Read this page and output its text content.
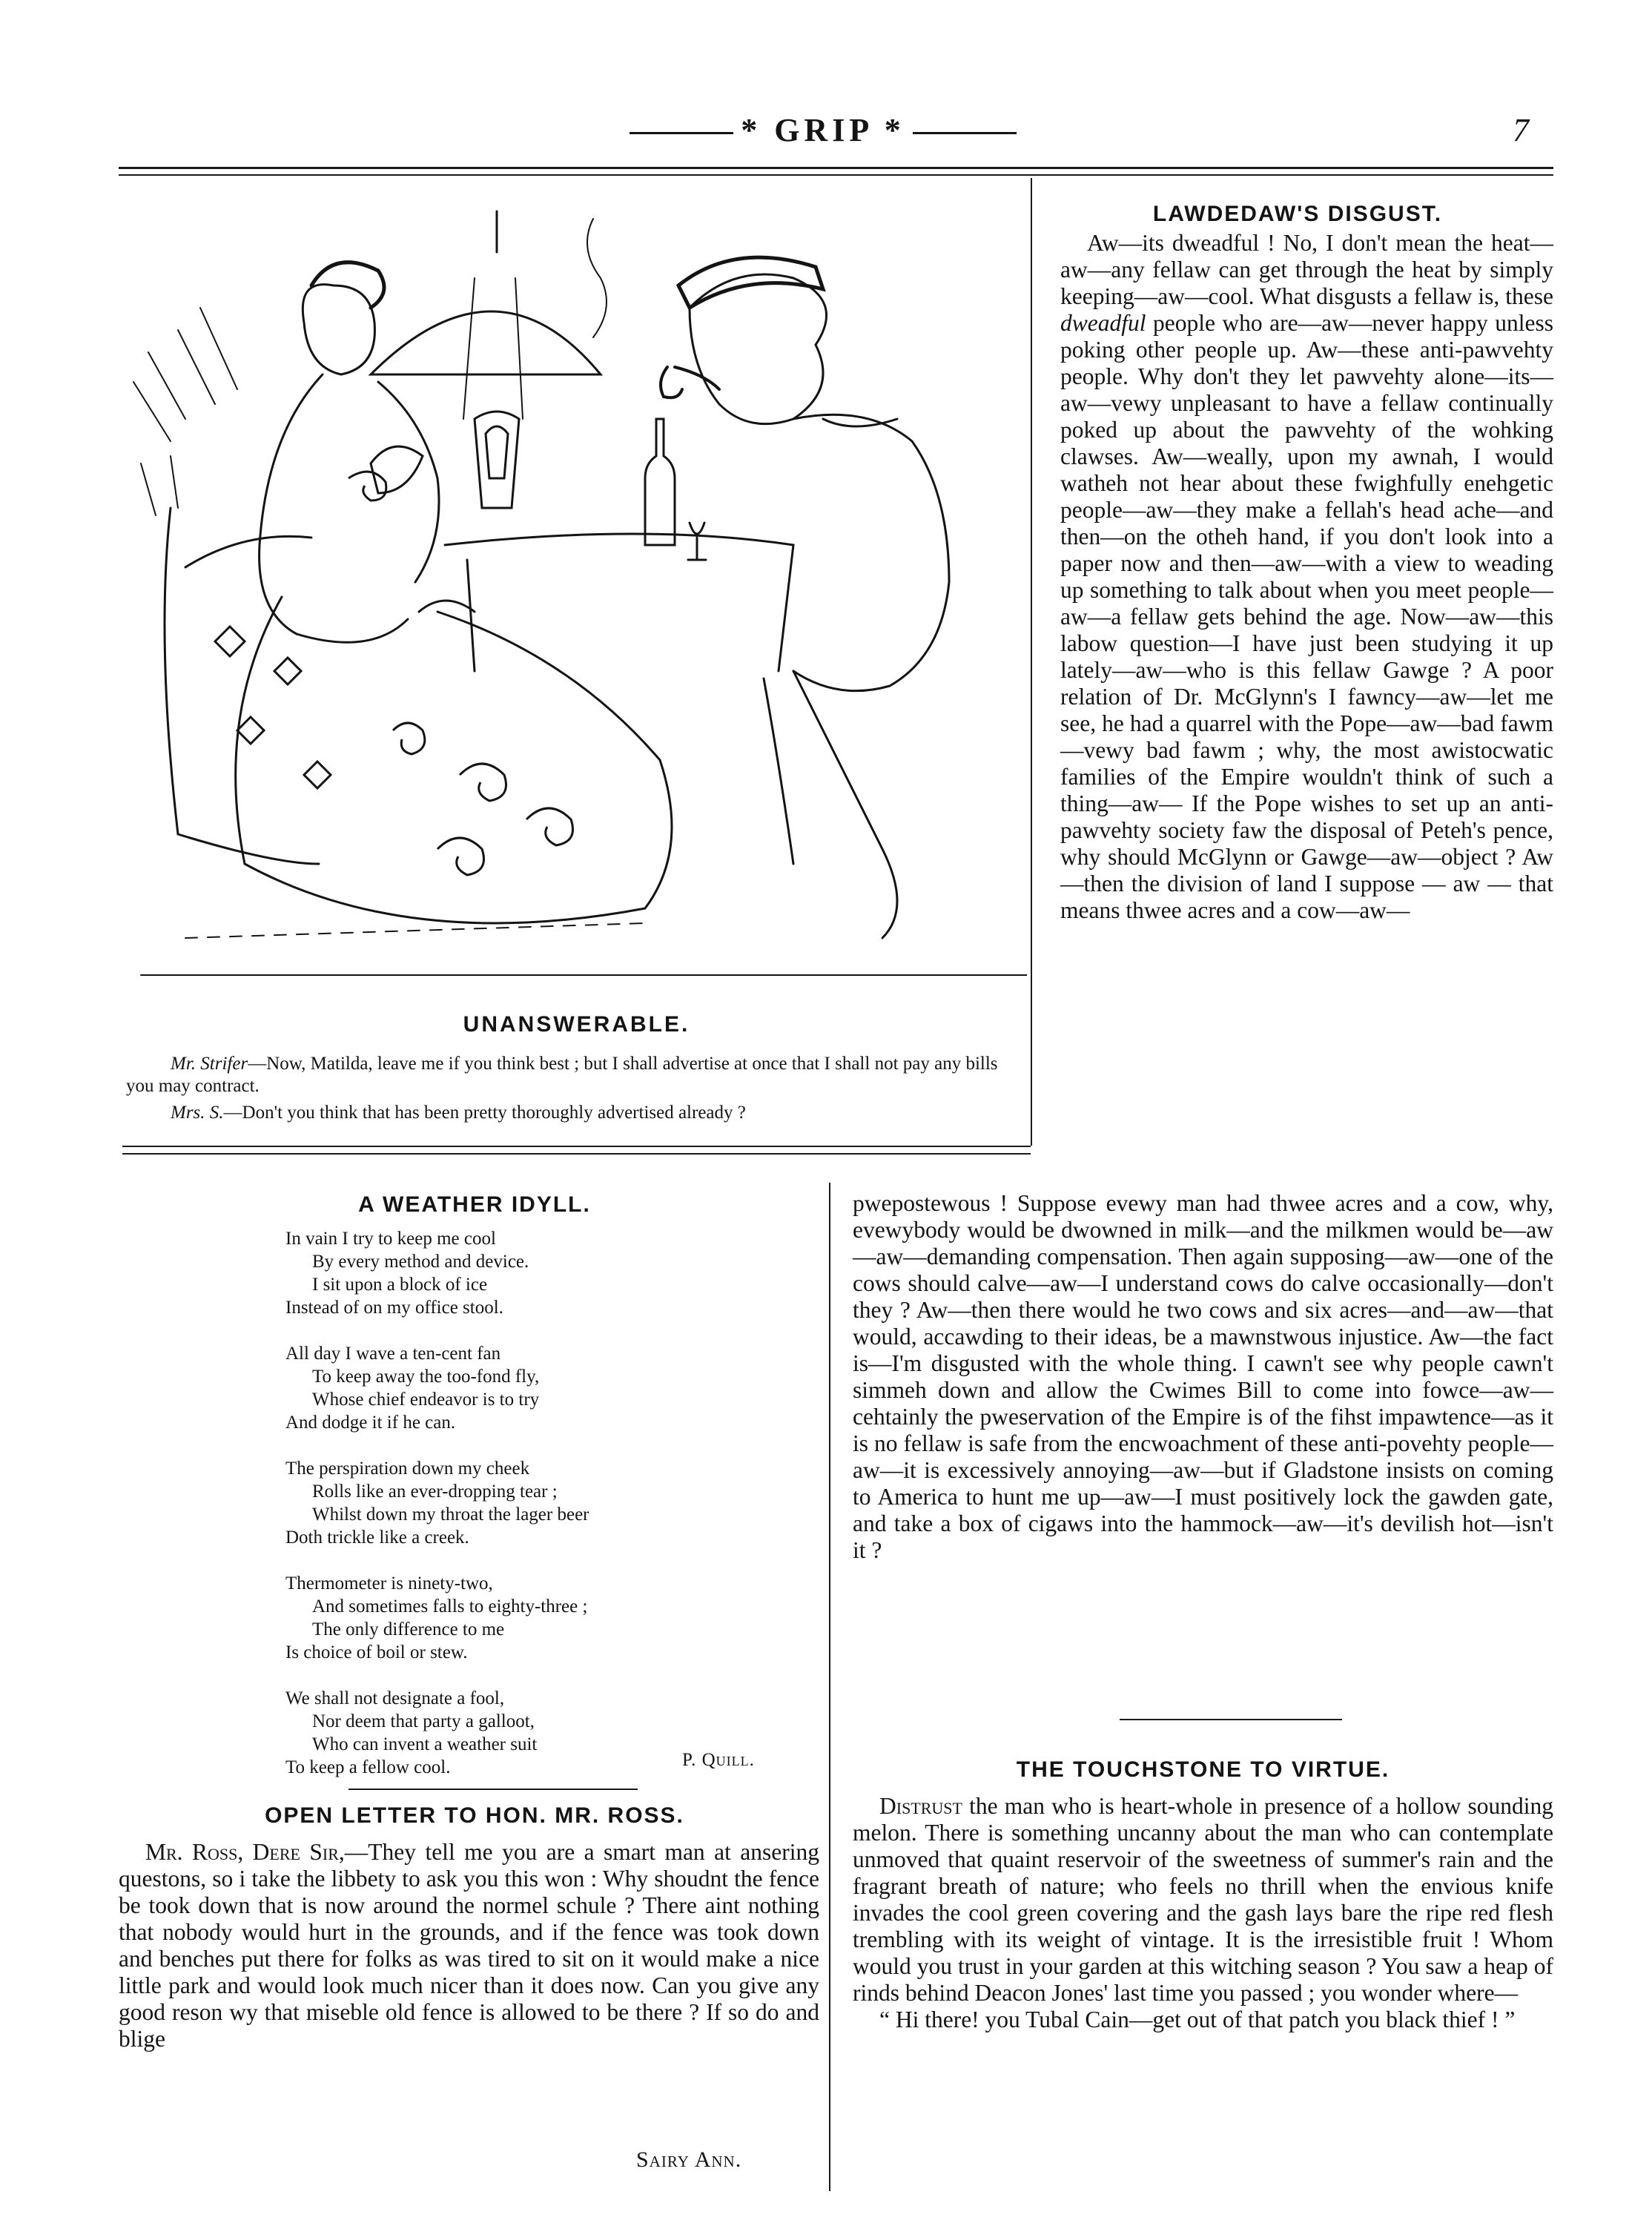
* GRIP *	7
UNANSWERABLE.
Mr. Strifer—Now, Matilda, leave me if you think best ; but I shall advertise at once that I shall not pay any bills you may contract.
Mrs. S.—Don't you think that has been pretty thoroughly advertised already ?
A WEATHER IDYLL.
In vain I try to keep me cool
By every method and device.
I sit upon a block of ice
Instead of on my office stool.
All day I wave a ten-cent fan
To keep away the too-fond fly,
Whose chief endeavor is to try
And dodge it if he can.
The perspiration down my cheek
Rolls like an ever-dropping tear ;
Whilst down my throat the lager beer
Doth trickle like a creek.
Thermometer is ninety-two,
And sometimes falls to eighty-three ;
The only difference to me
Is choice of boil or stew.
We shall not designate a fool,
Nor deem that party a galloot,
Who can invent a weather suit
To keep a fellow cool.	P. Quill.
OPEN LETTER TO HON. MR. ROSS.

Mr. Ross, Dere Sir,—They tell me you are a smart man at ansering questons, so i take the libbety to ask you this won : Why shoudnt the fence be took down that is now around the normel schule ? There aint nothing that nobody would hurt in the grounds, and if the fence was took down and benches put there for folks as was tired to sit on it would make a nice little park and would look much nicer than it does now. Can you give any good reson wy that miseble old fence is allowed to be there ? If so do and blige

Sairy Ann.
LAWDEDAW'S DISGUST.

Aw—its dweadful ! No, I don't mean the heat—aw—any fellaw can get through the heat by simply keeping—aw—cool. What disgusts a fellaw is, these dweadful people who are—aw—never happy unless poking other people up. Aw—these anti-pawvehty people. Why don't they let pawvehty alone—its—aw—vewy unpleasant to have a fellaw continually poked up about the pawvehty of the wohking clawses. Aw—weally, upon my awnah, I would watheh not hear about these fwighfully enehgetic people—aw—they make a fellah's head ache—and then—on the otheh hand, if you don't look into a paper now and then—aw—with a view to weading up something to talk about when you meet people—aw—a fellaw gets behind the age. Now—aw—this labow question—I have just been studying it up lately—aw—who is this fellaw Gawge ? A poor relation of Dr. McGlynn's I fawncy—aw—let me see, he had a quarrel with the Pope—aw—bad fawm—vewy bad fawm ; why, the most awistocwatic families of the Empire wouldn't think of such a thing—aw— If the Pope wishes to set up an anti-pawvehty society faw the disposal of Peteh's pence, why should McGlynn or Gawge—aw—object ? Aw—then the division of land I suppose — aw — that means thwee acres and a cow—aw—

pwepostewous ! Suppose evewy man had thwee acres and a cow, why, evewybody would be dwowned in milk—and the milkmen would be—aw—aw—demanding compensation. Then again supposing—aw—one of the cows should calve—aw—I understand cows do calve occasionally—don't they ? Aw—then there would he two cows and six acres—and—aw—that would, accawding to their ideas, be a mawnstwous injustice. Aw—the fact is—I'm disgusted with the whole thing. I cawn't see why people cawn't simmeh down and allow the Cwimes Bill to come into fowce—aw—cehtainly the pweservation of the Empire is of the fihst impawtence—as it is no fellaw is safe from the encwoachment of these anti-povehty people—aw—it is excessively annoying—aw—but if Gladstone insists on coming to America to hunt me up—aw—I must positively lock the gawden gate, and take a box of cigaws into the hammock—aw—it's devilish hot—isn't it ?

THE TOUCHSTONE TO VIRTUE.

Distrust the man who is heart-whole in presence of a hollow sounding melon. There is something uncanny about the man who can contemplate unmoved that quaint reservoir of the sweetness of summer's rain and the fragrant breath of nature; who feels no thrill when the envious knife invades the cool green covering and the gash lays bare the ripe red flesh trembling with its weight of vintage. It is the irresistible fruit ! Whom would you trust in your garden at this witching season ? You saw a heap of rinds behind Deacon Jones' last time you passed ; you wonder where—

“ Hi there! you Tubal Cain—get out of that patch you black thief ! ”
